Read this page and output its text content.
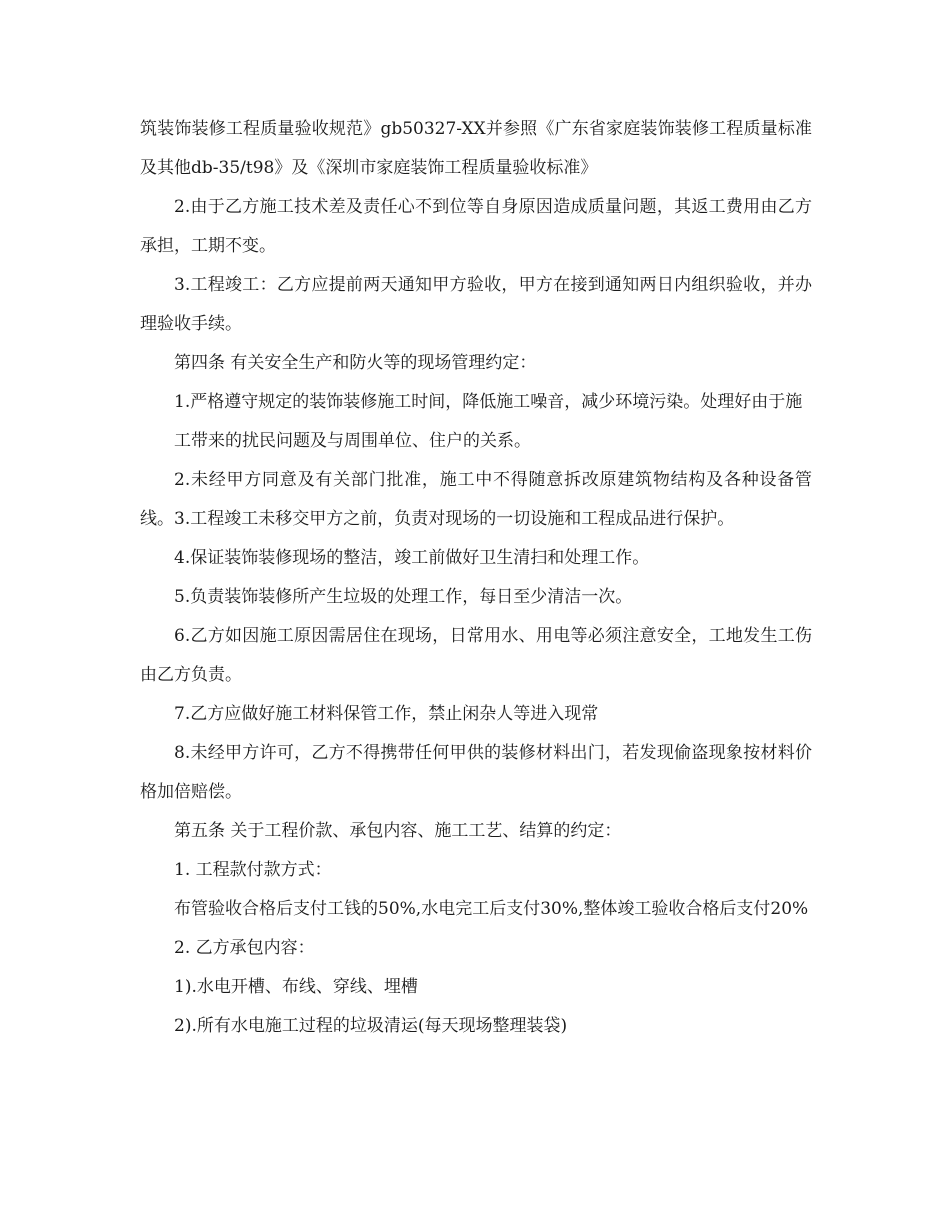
筑装饰装修工程质量验收规范》gb50327-XX并参照《广东省家庭装饰装修工程质量标准及其他db-35/t98》及《深圳市家庭装饰工程质量验收标准》

2.由于乙方施工技术差及责任心不到位等自身原因造成质量问题，其返工费用由乙方承担，工期不变。

3.工程竣工：乙方应提前两天通知甲方验收，甲方在接到通知两日内组织验收，并办理验收手续。

第四条 有关安全生产和防火等的现场管理约定：

1.严格遵守规定的装饰装修施工时间，降低施工噪音，减少环境污染。处理好由于施

工带来的扰民问题及与周围单位、住户的关系。

2.未经甲方同意及有关部门批准，施工中不得随意拆改原建筑物结构及各种设备管线。3.工程竣工未移交甲方之前，负责对现场的一切设施和工程成品进行保护。

4.保证装饰装修现场的整洁，竣工前做好卫生清扫和处理工作。

5.负责装饰装修所产生垃圾的处理工作，每日至少清洁一次。

6.乙方如因施工原因需居住在现场，日常用水、用电等必须注意安全，工地发生工伤由乙方负责。

7.乙方应做好施工材料保管工作，禁止闲杂人等进入现常

8.未经甲方许可，乙方不得携带任何甲供的装修材料出门，若发现偷盗现象按材料价格加倍赔偿。

第五条 关于工程价款、承包内容、施工工艺、结算的约定：

1. 工程款付款方式：

布管验收合格后支付工钱的50%,水电完工后支付30%,整体竣工验收合格后支付20%

2. 乙方承包内容：

1).水电开槽、布线、穿线、埋槽

2).所有水电施工过程的垃圾清运(每天现场整理装袋)
